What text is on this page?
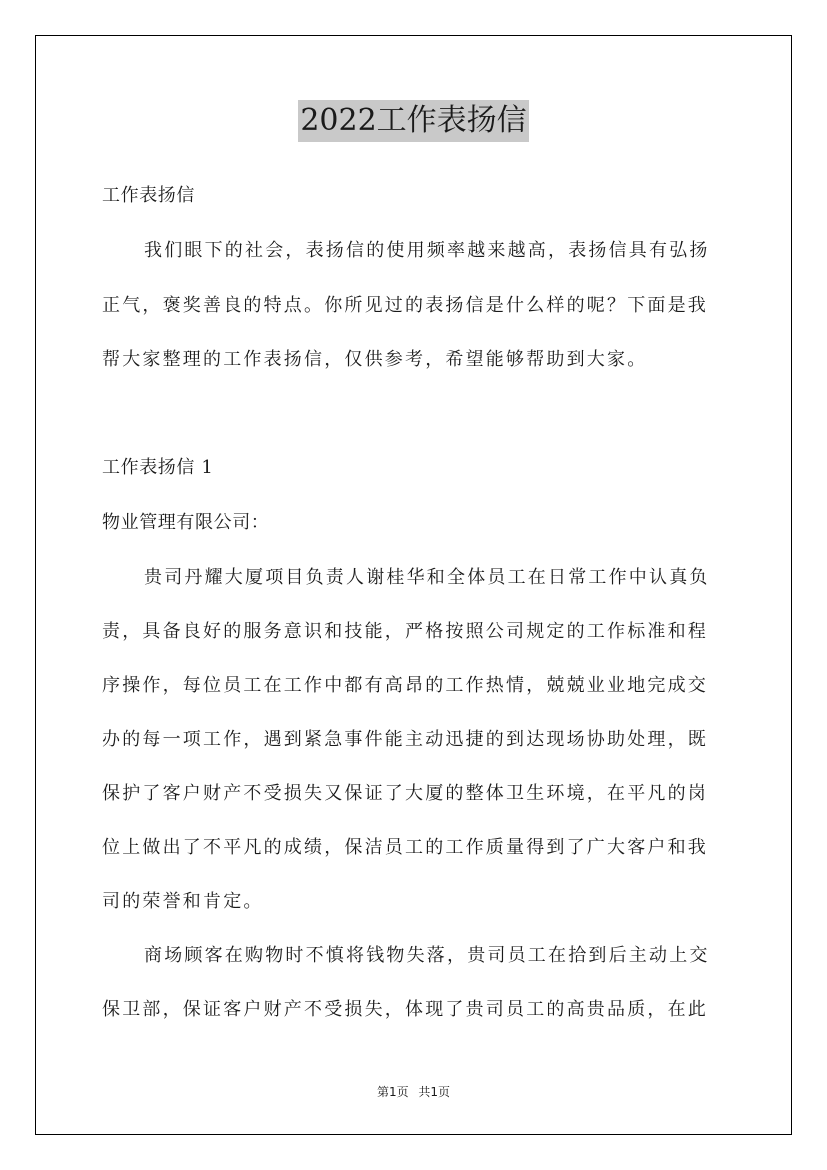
2022工作表扬信
工作表扬信
我们眼下的社会，表扬信的使用频率越来越高，表扬信具有弘扬
正气，褒奖善良的特点。你所见过的表扬信是什么样的呢？下面是我
帮大家整理的工作表扬信，仅供参考，希望能够帮助到大家。
工作表扬信 1
物业管理有限公司：
贵司丹耀大厦项目负责人谢桂华和全体员工在日常工作中认真负
责，具备良好的服务意识和技能，严格按照公司规定的工作标准和程
序操作，每位员工在工作中都有高昂的工作热情，兢兢业业地完成交
办的每一项工作，遇到紧急事件能主动迅捷的到达现场协助处理，既
保护了客户财产不受损失又保证了大厦的整体卫生环境，在平凡的岗
位上做出了不平凡的成绩，保洁员工的工作质量得到了广大客户和我
司的荣誉和肯定。
商场顾客在购物时不慎将钱物失落，贵司员工在拾到后主动上交
保卫部，保证客户财产不受损失，体现了贵司员工的高贵品质，在此
第1页 共1页
